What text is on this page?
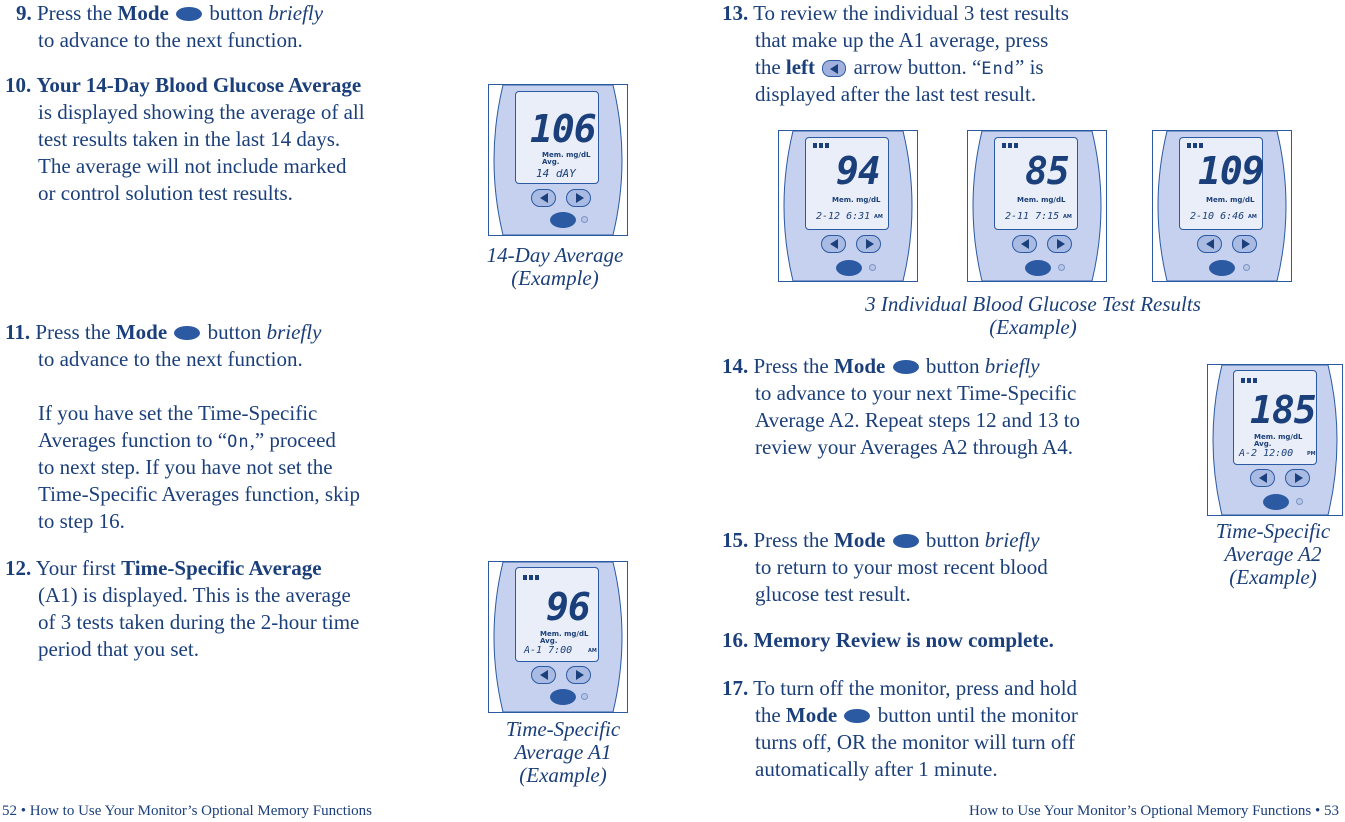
9. Press the Mode button briefly
to advance to the next function.
10. Your 14-Day Blood Glucose Average
is displayed showing the average of all
test results taken in the last 14 days.
The average will not include marked
or control solution test results.
11. Press the Mode button briefly
to advance to the next function.
If you have set the Time-Specific
Averages function to “On,” proceed
to next step. If you have not set the
Time-Specific Averages function, skip
to step 16.
12. Your first Time-Specific Average
(A1) is displayed. This is the average
of 3 tests taken during the 2-hour time
period that you set.
106
Mem. mg/dL
Avg.
14 dAY
14-Day Average
(Example)
96
Mem. mg/dL
Avg.
A-1 7:00	AM
Time-Specific
Average A1
(Example)
52 • How to Use Your Monitor’s Optional Memory Functions
13. To review the individual 3 test results
that make up the A1 average, press
the left arrow button. “End” is
displayed after the last test result.
94
Mem. mg/dL
2-12 6:31 AM
85
Mem. mg/dL
2-11 7:15 AM
109
Mem. mg/dL
2-10 6:46 AM
3 Individual Blood Glucose Test Results
(Example)
14. Press the Mode button briefly
to advance to your next Time-Specific
Average A2. Repeat steps 12 and 13 to
review your Averages A2 through A4.
185
Mem. mg/dL
Avg.
A-2 12:00	PM
Time-Specific
Average A2
(Example)
15. Press the Mode button briefly
to return to your most recent blood
glucose test result.
16. Memory Review is now complete.
17. To turn off the monitor, press and hold
the Mode button until the monitor
turns off, OR the monitor will turn off
automatically after 1 minute.
How to Use Your Monitor’s Optional Memory Functions • 53
